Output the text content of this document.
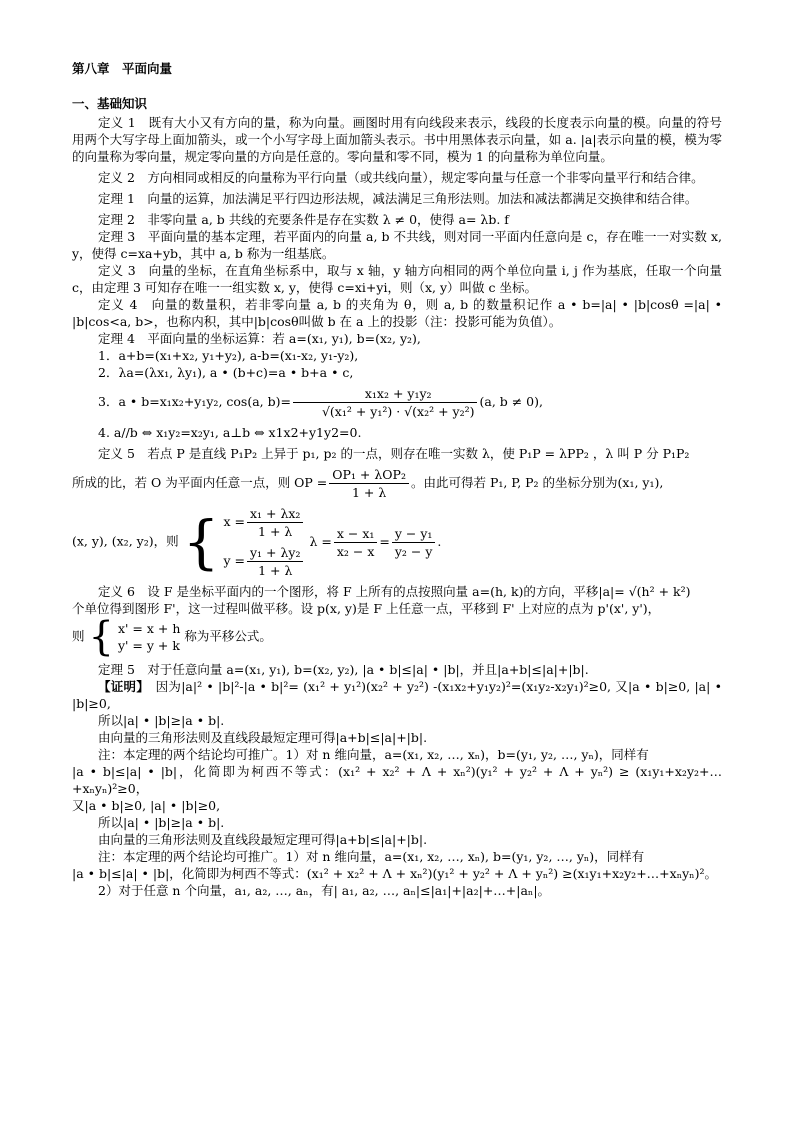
第八章　平面向量
一、基础知识

定义 1　既有大小又有方向的量，称为向量。画图时用有向线段来表示，线段的长度表示向量的模。向量的符号用两个大写字母上面加箭头，或一个小写字母上面加箭头表示。书中用黑体表示向量，如 a. |a|表示向量的模，模为零的向量称为零向量，规定零向量的方向是任意的。零向量和零不同，模为 1 的向量称为单位向量。

定义 2　方向相同或相反的向量称为平行向量（或共线向量），规定零向量与任意一个非零向量平行和结合律。

定理 1　向量的运算，加法满足平行四边形法规，减法满足三角形法则。加法和减法都满足交换律和结合律。

定理 2　非零向量 a, b 共线的充要条件是存在实数 λ ≠ 0，使得 a= λb. f

定理 3　平面向量的基本定理，若平面内的向量 a, b 不共线，则对同一平面内任意向是 c，存在唯一一对实数 x, y，使得 c=xa+yb，其中 a, b 称为一组基底。

定义 3　向量的坐标，在直角坐标系中，取与 x 轴，y 轴方向相同的两个单位向量 i, j 作为基底，任取一个向量 c，由定理 3 可知存在唯一一组实数 x, y，使得 c=xi+yi，则（x, y）叫做 c 坐标。

定义 4　向量的数量积，若非零向量 a, b 的夹角为 θ，则 a, b 的数量积记作 a • b=|a| • |b|cosθ =|a| • |b|cos<a, b>，也称内积，其中|b|cosθ叫做 b 在 a 上的投影（注：投影可能为负值）。

定理 4　平面向量的坐标运算：若 a=(x₁, y₁), b=(x₂, y₂),

1．a+b=(x₁+x₂, y₁+y₂), a-b=(x₁-x₂, y₁-y₂),

2．λa=(λx₁, λy₁), a • (b+c)=a • b+a • c,

3．a • b=x₁x₂+y₁y₂, cos(a, $b)= \frac{\text{x₁x₂ + y₁y₂}}{\text{√(x₁² + y₁²) · √(x₂² + y₂²)}} (a$, b ≠ 0),

4. a//b ⇔ x₁y₂=x₂y₁, a⊥b ⇔ x1x2+y1y2=0.

定义 5　若点 P 是直线 P₁P₂ 上异于 p₁, p₂ 的一点，则存在唯一实数 λ，使 P₁P = λPP₂ ，λ 叫 P 分 P₁P₂

所成的比，若 O 为平面内任意一点，则 OP = $\frac{\text{OP₁ + λOP₂}}{1 + \lambda}$ 。由此可得若 P₁, P, P₂ 的坐标分别为(x₁, y₁),

(x, y), (x₂, y₂)，则 { $x = \frac{\text{x₁ + λx₂}}{1 + \lambda}$
$y = \frac{\text{y₁ + λy₂}}{1 + \lambda}$
$\lambda = \frac{\text{x − x₁}}{\text{x₂ − x}} = \frac{\text{y − y₁}}{\text{y₂ − y}}$ .

定义 6　设 F 是坐标平面内的一个图形，将 F 上所有的点按照向量 a=(h, k)的方向，平移|a|= √(h² + k²)

个单位得到图形 F'，这一过程叫做平移。设 p(x, y)是 F 上任意一点，平移到 F' 上对应的点为 p'(x', y')，

则 { x' = x + h
y' = y + k
称为平移公式。

定理 5　对于任意向量 a=(x₁, y₁), b=(x₂, y₂), |a • b|≤|a| • |b|，并且|a+b|≤|a|+|b|.

【证明】　 因为|a|² • |b|²-|a • b|²= (x₁² + y₁²)(x₂² + y₂²) -(x₁x₂+y₁y₂)²=(x₁y₂-x₂y₁)²≥0, 又|a • b|≥0, |a| • |b|≥0,

所以|a| • |b|≥|a • b|.

由向量的三角形法则及直线段最短定理可得|a+b|≤|a|+|b|.

注：本定理的两个结论均可推广。1）对 n 维向量，a=(x₁, x₂, …, xₙ)，b=(y₁, y₂, …, yₙ)，同样有

|a • b|≤|a| • |b|，化简即为柯西不等式：(x₁² + x₂² + Λ + xₙ²)(y₁² + y₂² + Λ + yₙ²) ≥ (x₁y₁+x₂y₂+…+xₙyₙ)²≥0，

又|a • b|≥0, |a| • |b|≥0,

所以|a| • |b|≥|a • b|.

由向量的三角形法则及直线段最短定理可得|a+b|≤|a|+|b|.

注：本定理的两个结论均可推广。1）对 n 维向量，a=(x₁, x₂, …, xₙ), b=(y₁, y₂, …, yₙ)，同样有

|a • b|≤|a| • |b|，化简即为柯西不等式：(x₁² + x₂² + Λ + xₙ²)(y₁² + y₂² + Λ + yₙ²) ≥(x₁y₁+x₂y₂+…+xₙyₙ)²。

2）对于任意 n 个向量，a₁, a₂, …, aₙ，有| a₁, a₂, …, aₙ|≤|a₁|+|a₂|+…+|aₙ|。
